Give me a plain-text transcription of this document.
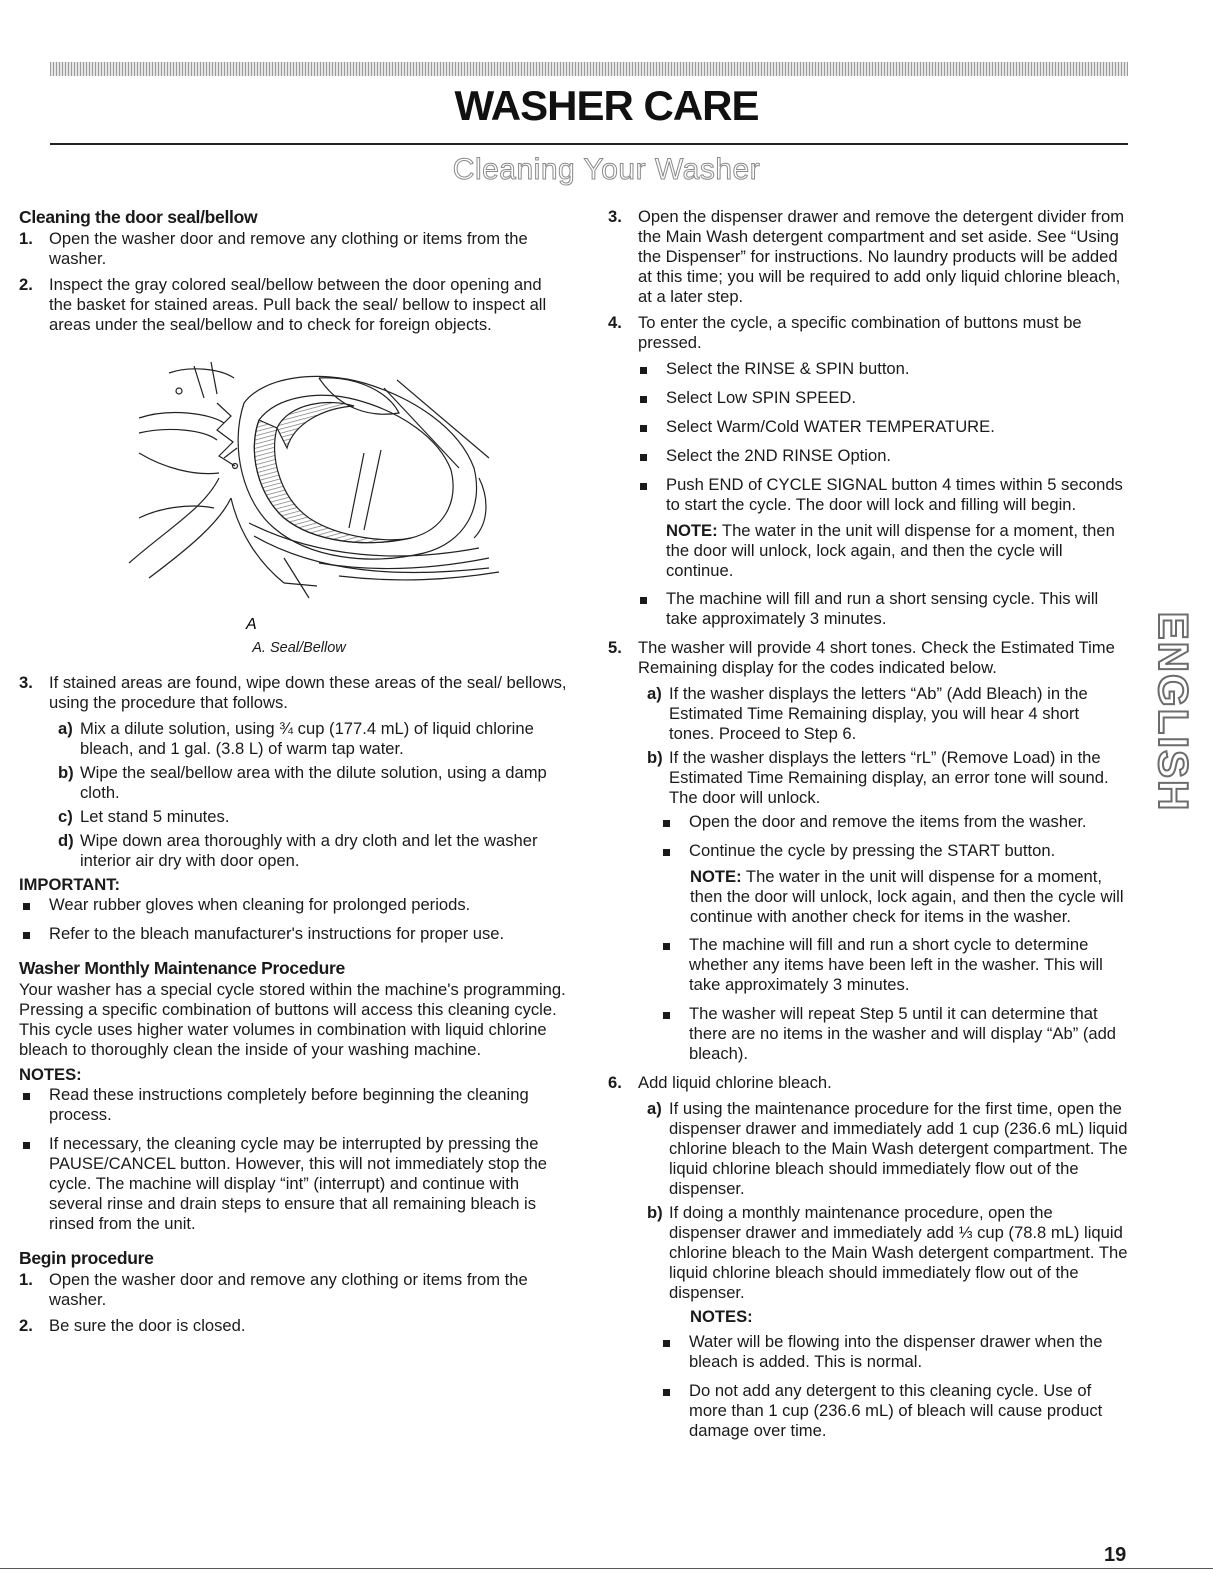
WASHER CARE
Cleaning Your Washer
Cleaning the door seal/bellow
1. Open the washer door and remove any clothing or items from the washer.
2. Inspect the gray colored seal/bellow between the door opening and the basket for stained areas. Pull back the seal/ bellow to inspect all areas under the seal/bellow and to check for foreign objects.
A
A. Seal/Bellow
3. If stained areas are found, wipe down these areas of the seal/ bellows, using the procedure that follows.
a) Mix a dilute solution, using ¾ cup (177.4 mL) of liquid chlorine bleach, and 1 gal. (3.8 L) of warm tap water.
b) Wipe the seal/bellow area with the dilute solution, using a damp cloth.
c) Let stand 5 minutes.
d) Wipe down area thoroughly with a dry cloth and let the washer interior air dry with door open.

IMPORTANT:

Wear rubber gloves when cleaning for prolonged periods.
Refer to the bleach manufacturer's instructions for proper use.
Washer Monthly Maintenance Procedure

Your washer has a special cycle stored within the machine's programming. Pressing a specific combination of buttons will access this cleaning cycle. This cycle uses higher water volumes in combination with liquid chlorine bleach to thoroughly clean the inside of your washing machine.

NOTES:

Read these instructions completely before beginning the cleaning process.
If necessary, the cleaning cycle may be interrupted by pressing the PAUSE/CANCEL button. However, this will not immediately stop the cycle. The machine will display “int” (interrupt) and continue with several rinse and drain steps to ensure that all remaining bleach is rinsed from the unit.
Begin procedure
1. Open the washer door and remove any clothing or items from the washer.
2. Be sure the door is closed.
3. Open the dispenser drawer and remove the detergent divider from the Main Wash detergent compartment and set aside. See “Using the Dispenser” for instructions. No laundry products will be added at this time; you will be required to add only liquid chlorine bleach, at a later step.
4. To enter the cycle, a specific combination of buttons must be pressed.
Select the RINSE & SPIN button.
Select Low SPIN SPEED.
Select Warm/Cold WATER TEMPERATURE.
Select the 2ND RINSE Option.
Push END of CYCLE SIGNAL button 4 times within 5 seconds to start the cycle. The door will lock and filling will begin.

NOTE: The water in the unit will dispense for a moment, then the door will unlock, lock again, and then the cycle will continue.

The machine will fill and run a short sensing cycle. This will take approximately 3 minutes.
5. The washer will provide 4 short tones. Check the Estimated Time Remaining display for the codes indicated below.
a) If the washer displays the letters “Ab” (Add Bleach) in the Estimated Time Remaining display, you will hear 4 short tones. Proceed to Step 6.
b) If the washer displays the letters “rL” (Remove Load) in the Estimated Time Remaining display, an error tone will sound. The door will unlock.
Open the door and remove the items from the washer.
Continue the cycle by pressing the START button.

NOTE: The water in the unit will dispense for a moment, then the door will unlock, lock again, and then the cycle will continue with another check for items in the washer.

The machine will fill and run a short cycle to determine whether any items have been left in the washer. This will take approximately 3 minutes.
The washer will repeat Step 5 until it can determine that there are no items in the washer and will display “Ab” (add bleach).
6. Add liquid chlorine bleach.
a) If using the maintenance procedure for the first time, open the dispenser drawer and immediately add 1 cup (236.6 mL) liquid chlorine bleach to the Main Wash detergent compartment. The liquid chlorine bleach should immediately flow out of the dispenser.
b) If doing a monthly maintenance procedure, open the dispenser drawer and immediately add ⅓ cup (78.8 mL) liquid chlorine bleach to the Main Wash detergent compartment. The liquid chlorine bleach should immediately flow out of the dispenser.

NOTES:

Water will be flowing into the dispenser drawer when the bleach is added. This is normal.
Do not add any detergent to this cleaning cycle. Use of more than 1 cup (236.6 mL) of bleach will cause product damage over time.
ENGLISH
19
